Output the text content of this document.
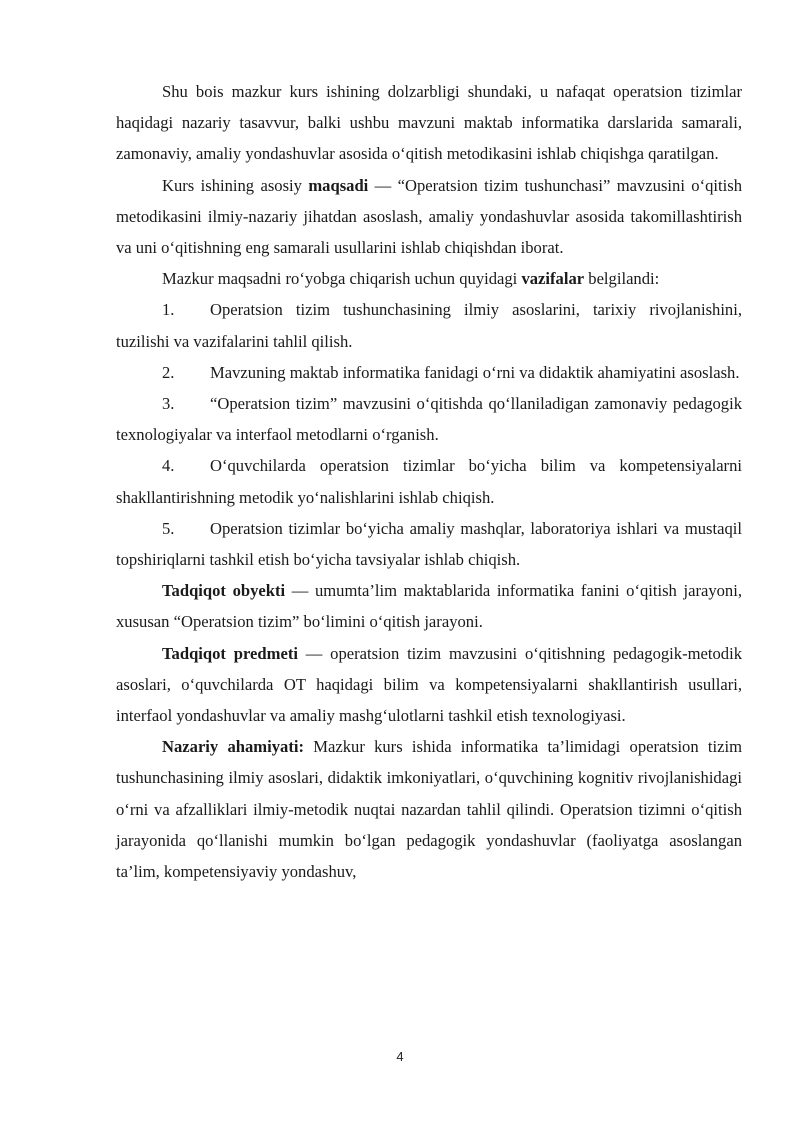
Shu bois mazkur kurs ishining dolzarbligi shundaki, u nafaqat operatsion tizimlar haqidagi nazariy tasavvur, balki ushbu mavzuni maktab informatika darslarida samarali, zamonaviy, amaliy yondashuvlar asosida o‘qitish metodikasini ishlab chiqishga qaratilgan.

Kurs ishining asosiy maqsadi — “Operatsion tizim tushunchasi” mavzusini o‘qitish metodikasini ilmiy-nazariy jihatdan asoslash, amaliy yondashuvlar asosida takomillashtirish va uni o‘qitishning eng samarali usullarini ishlab chiqishdan iborat.

Mazkur maqsadni ro‘yobga chiqarish uchun quyidagi vazifalar belgilandi:

1. Operatsion tizim tushunchasining ilmiy asoslarini, tarixiy rivojlanishini, tuzilishi va vazifalarini tahlil qilish.

2. Mavzuning maktab informatika fanidagi o‘rni va didaktik ahamiyatini asoslash.

3. “Operatsion tizim” mavzusini o‘qitishda qo‘llaniladigan zamonaviy pedagogik texnologiyalar va interfaol metodlarni o‘rganish.

4. O‘quvchilarda operatsion tizimlar bo‘yicha bilim va kompetensiyalarni shakllantirishning metodik yo‘nalishlarini ishlab chiqish.

5. Operatsion tizimlar bo‘yicha amaliy mashqlar, laboratoriya ishlari va mustaqil topshiriqlarni tashkil etish bo‘yicha tavsiyalar ishlab chiqish.

Tadqiqot obyekti — umumta’lim maktablarida informatika fanini o‘qitish jarayoni, xususan “Operatsion tizim” bo‘limini o‘qitish jarayoni.

Tadqiqot predmeti — operatsion tizim mavzusini o‘qitishning pedagogik-metodik asoslari, o‘quvchilarda OT haqidagi bilim va kompetensiyalarni shakllantirish usullari, interfaol yondashuvlar va amaliy mashg‘ulotlarni tashkil etish texnologiyasi.

Nazariy ahamiyati: Mazkur kurs ishida informatika ta’limidagi operatsion tizim tushunchasining ilmiy asoslari, didaktik imkoniyatlari, o‘quvchining kognitiv rivojlanishidagi o‘rni va afzalliklari ilmiy-metodik nuqtai nazardan tahlil qilindi. Operatsion tizimni o‘qitish jarayonida qo‘llanishi mumkin bo‘lgan pedagogik yondashuvlar (faoliyatga asoslangan ta’lim, kompetensiyaviy yondashuv,

4
